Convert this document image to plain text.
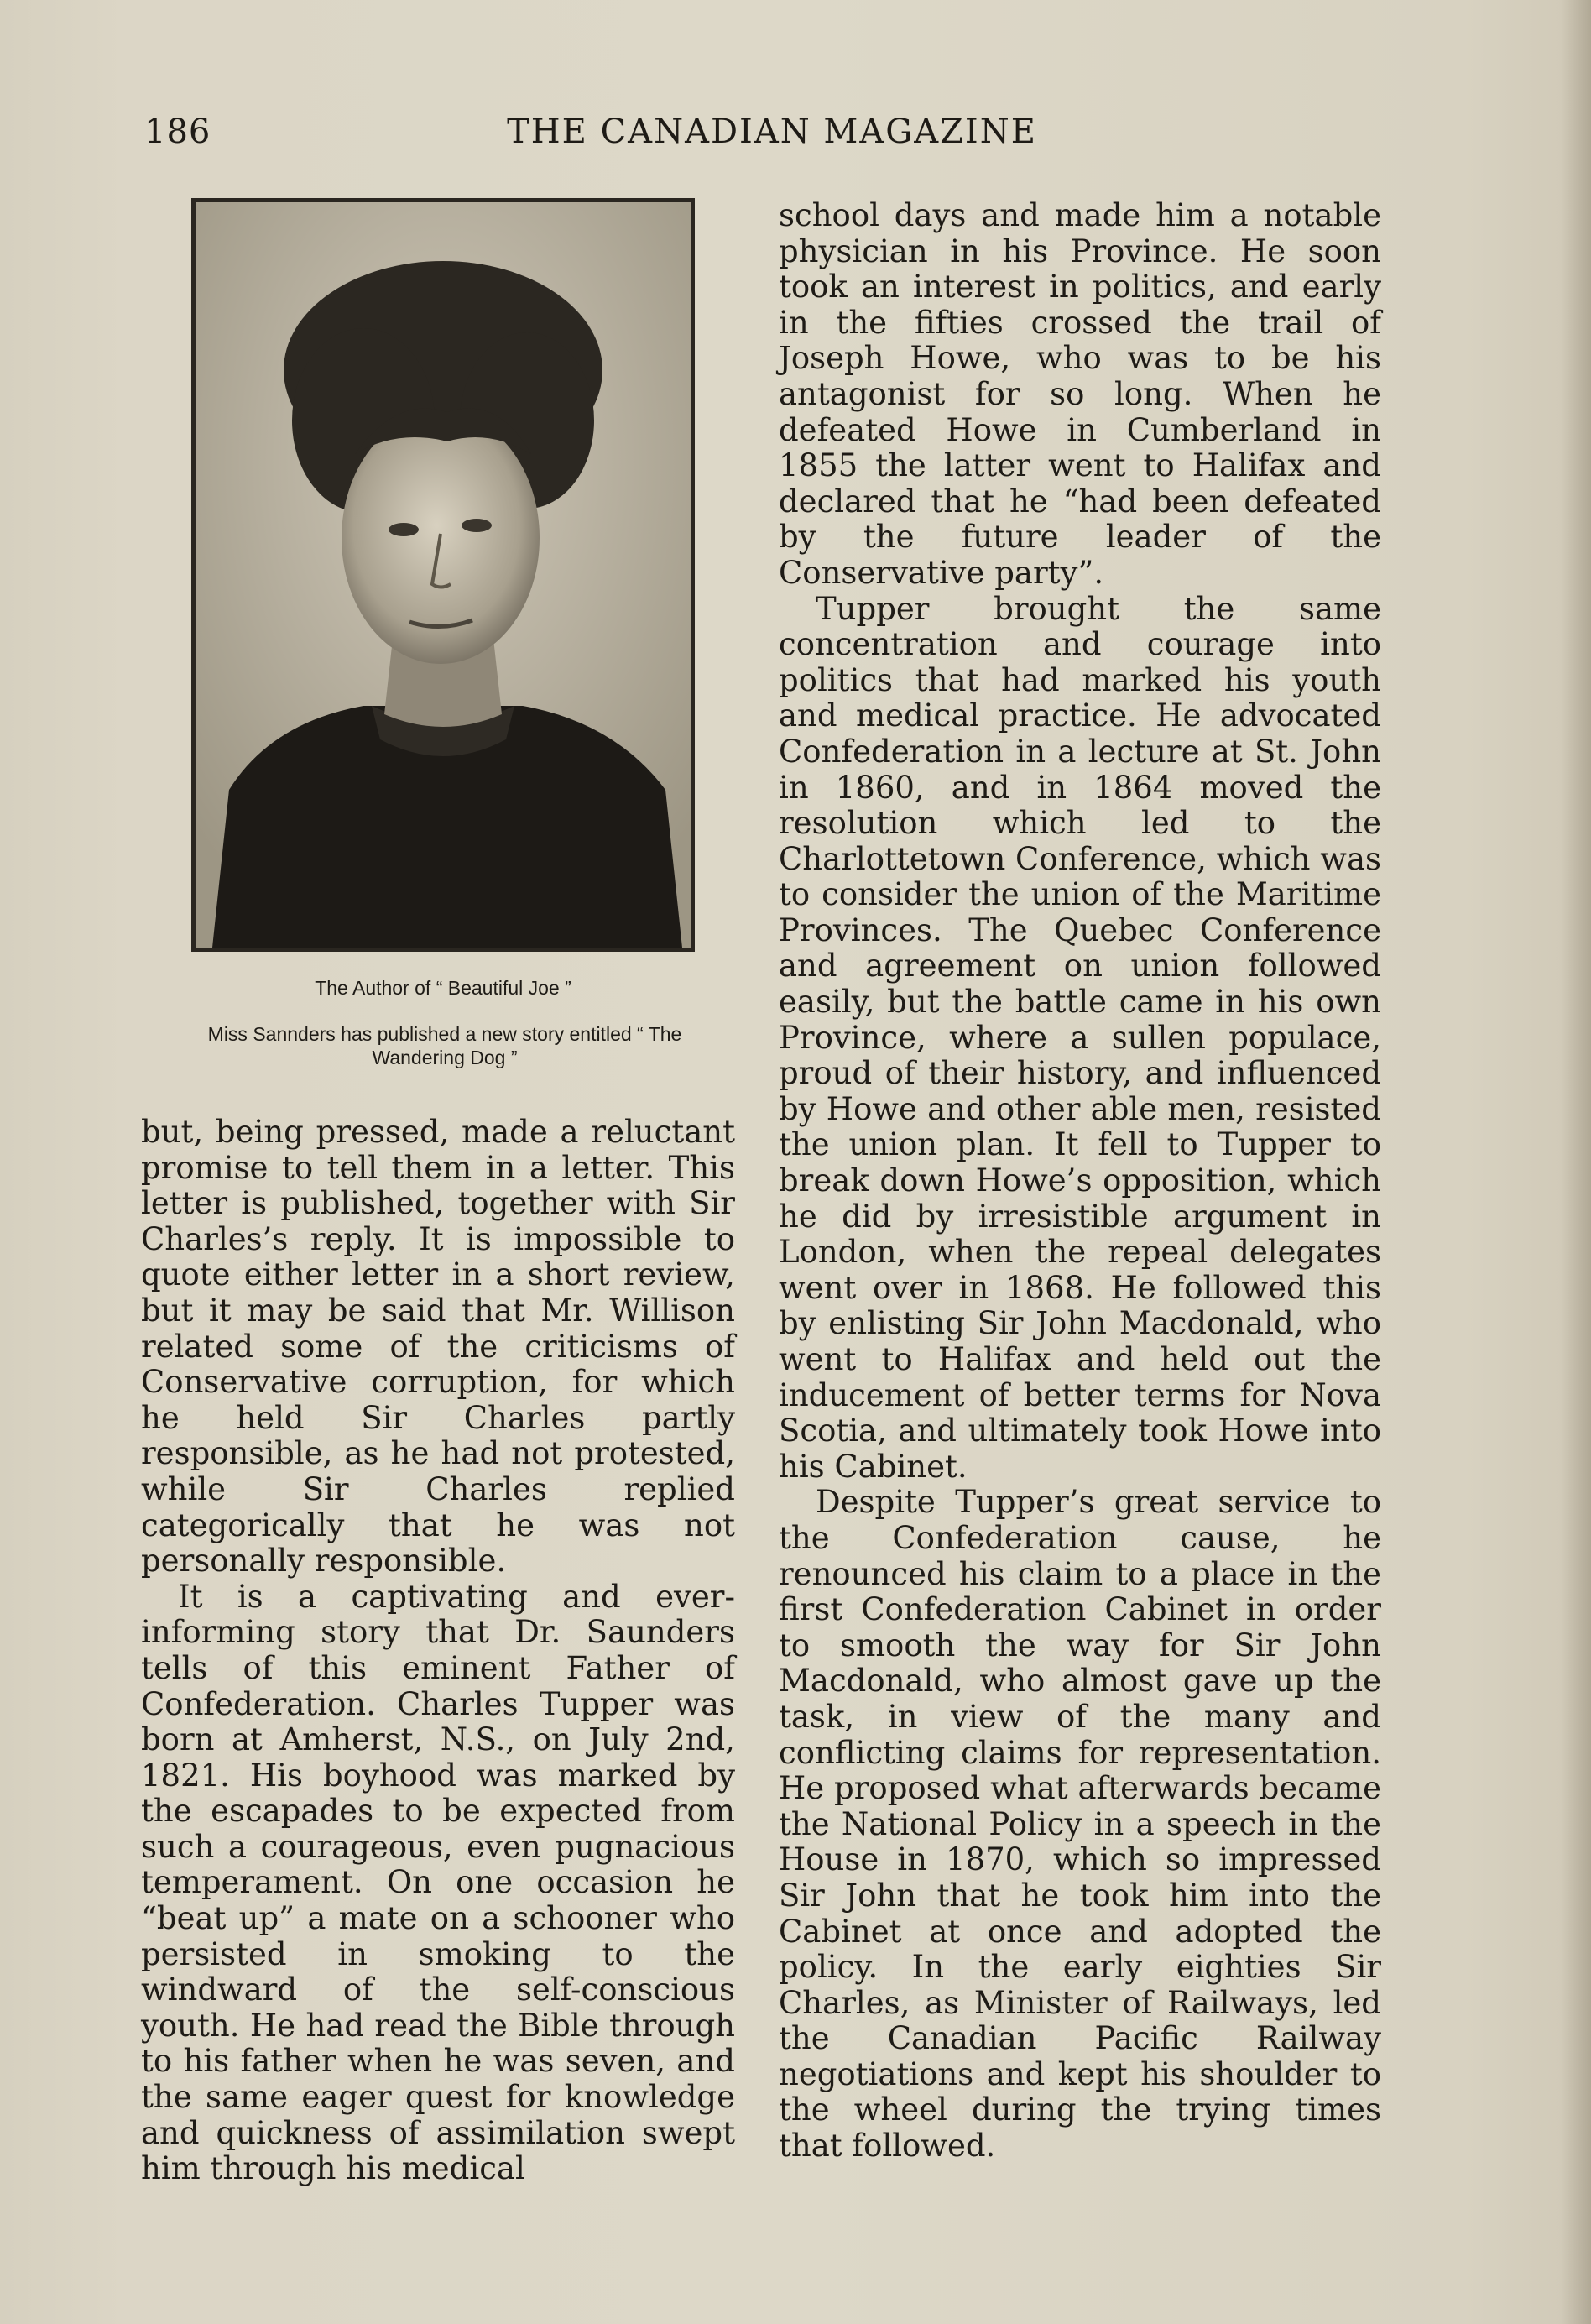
186	THE CANADIAN MAGAZINE
The Author of “ Beautiful Joe ”
Miss Sannders has published a new story entitled “ The Wandering Dog ”

but, being pressed, made a reluctant promise to tell them in a letter. This letter is published, together with Sir Charles’s reply. It is impossible to quote either letter in a short review, but it may be said that Mr. Willison related some of the criticisms of Conservative corruption, for which he held Sir Charles partly responsible, as he had not protested, while Sir Charles replied categorically that he was not personally responsible.

It is a captivating and ever-informing story that Dr. Saunders tells of this eminent Father of Confederation. Charles Tupper was born at Amherst, N.S., on July 2nd, 1821. His boyhood was marked by the escapades to be expected from such a courageous, even pugnacious temperament. On one occasion he “beat up” a mate on a schooner who persisted in smoking to the windward of the self-conscious youth. He had read the Bible through to his father when he was seven, and the same eager quest for knowledge and quickness of assimilation swept him through his medical

school days and made him a notable physician in his Province. He soon took an interest in politics, and early in the fifties crossed the trail of Joseph Howe, who was to be his antagonist for so long. When he defeated Howe in Cumberland in 1855 the latter went to Halifax and declared that he “had been defeated by the future leader of the Conservative party”.

Tupper brought the same concentration and courage into politics that had marked his youth and medical practice. He advocated Confederation in a lecture at St. John in 1860, and in 1864 moved the resolution which led to the Charlottetown Conference, which was to consider the union of the Maritime Provinces. The Quebec Conference and agreement on union followed easily, but the battle came in his own Province, where a sullen populace, proud of their history, and influenced by Howe and other able men, resisted the union plan. It fell to Tupper to break down Howe’s opposition, which he did by irresistible argument in London, when the repeal delegates went over in 1868. He followed this by enlisting Sir John Macdonald, who went to Halifax and held out the inducement of better terms for Nova Scotia, and ultimately took Howe into his Cabinet.

Despite Tupper’s great service to the Confederation cause, he renounced his claim to a place in the first Confederation Cabinet in order to smooth the way for Sir John Macdonald, who almost gave up the task, in view of the many and conflicting claims for representation. He proposed what afterwards became the National Policy in a speech in the House in 1870, which so impressed Sir John that he took him into the Cabinet at once and adopted the policy. In the early eighties Sir Charles, as Minister of Railways, led the Canadian Pacific Railway negotiations and kept his shoulder to the wheel during the trying times that followed.
